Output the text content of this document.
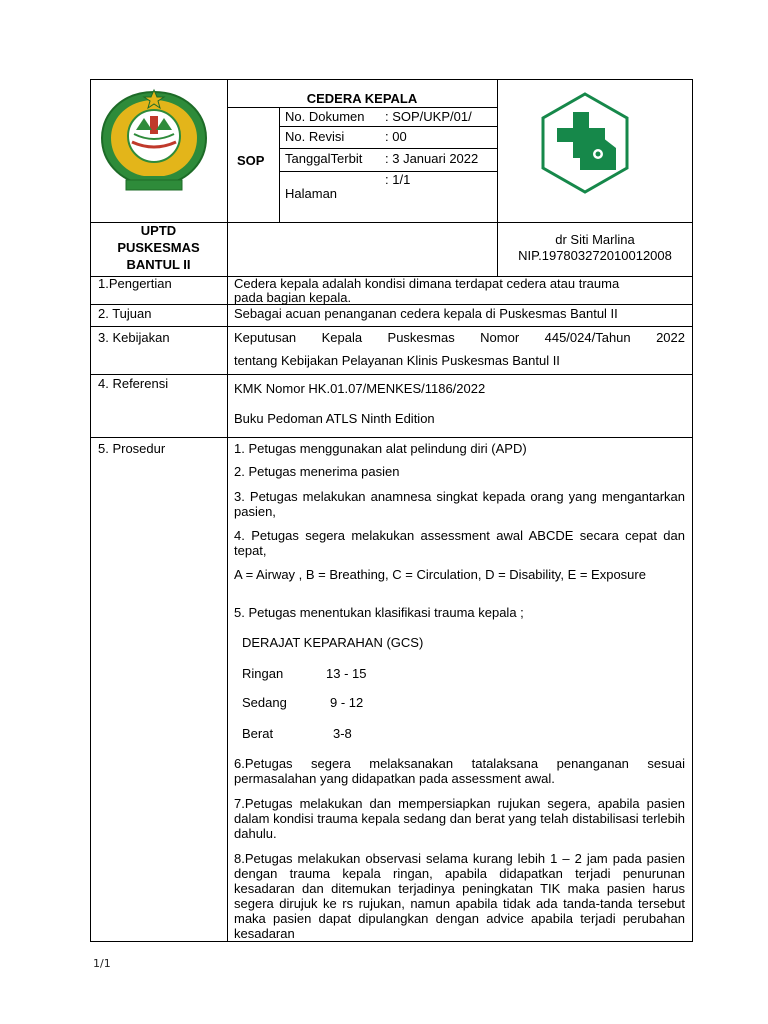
CEDERA KEPALA
SOP
No. Dokumen : SOP/UKP/01/
No. Revisi	: 00
TanggalTerbit : 3 Januari 2022
Halaman
: 1/1
UPTD
PUSKESMAS
BANTUL II
dr Siti Marlina
NIP.197803272010012008
1.Pengertian	Cedera kepala adalah kondisi dimana terdapat cedera atau trauma
pada bagian kepala.
2. Tujuan	Sebagai acuan penanganan cedera kepala di Puskesmas Bantul II
3. Kebijakan	Keputusan Kepala Puskesmas Nomor 445/024/Tahun 2022
tentang Kebijakan Pelayanan Klinis Puskesmas Bantul II
4. Referensi	KMK Nomor HK.01.07/MENKES/1186/2022
Buku Pedoman ATLS Ninth Edition
5. Prosedur	1. Petugas menggunakan alat pelindung diri (APD)
2. Petugas menerima pasien
3. Petugas melakukan anamnesa singkat kepada orang yang mengantarkan pasien,
4. Petugas segera melakukan assessment awal ABCDE secara cepat dan tepat,
A = Airway , B = Breathing, C = Circulation, D = Disability, E = Exposure
5. Petugas menentukan klasifikasi trauma kepala ;
DERAJAT KEPARAHAN (GCS)
Ringan	13 - 15
Sedang	9 - 12
Berat	3-8
6.Petugas segera melaksanakan tatalaksana penanganan sesuai permasalahan yang didapatkan pada assessment awal.
7.Petugas melakukan dan mempersiapkan rujukan segera, apabila pasien dalam kondisi trauma kepala sedang dan berat yang telah distabilisasi terlebih dahulu.
8.Petugas melakukan observasi selama kurang lebih 1 – 2 jam pada pasien dengan trauma kepala ringan, apabila didapatkan terjadi penurunan kesadaran dan ditemukan terjadinya peningkatan TIK maka pasien harus segera dirujuk ke rs rujukan, namun apabila tidak ada tanda-tanda tersebut maka pasien dapat dipulangkan dengan advice apabila terjadi perubahan kesadaran
1/1
